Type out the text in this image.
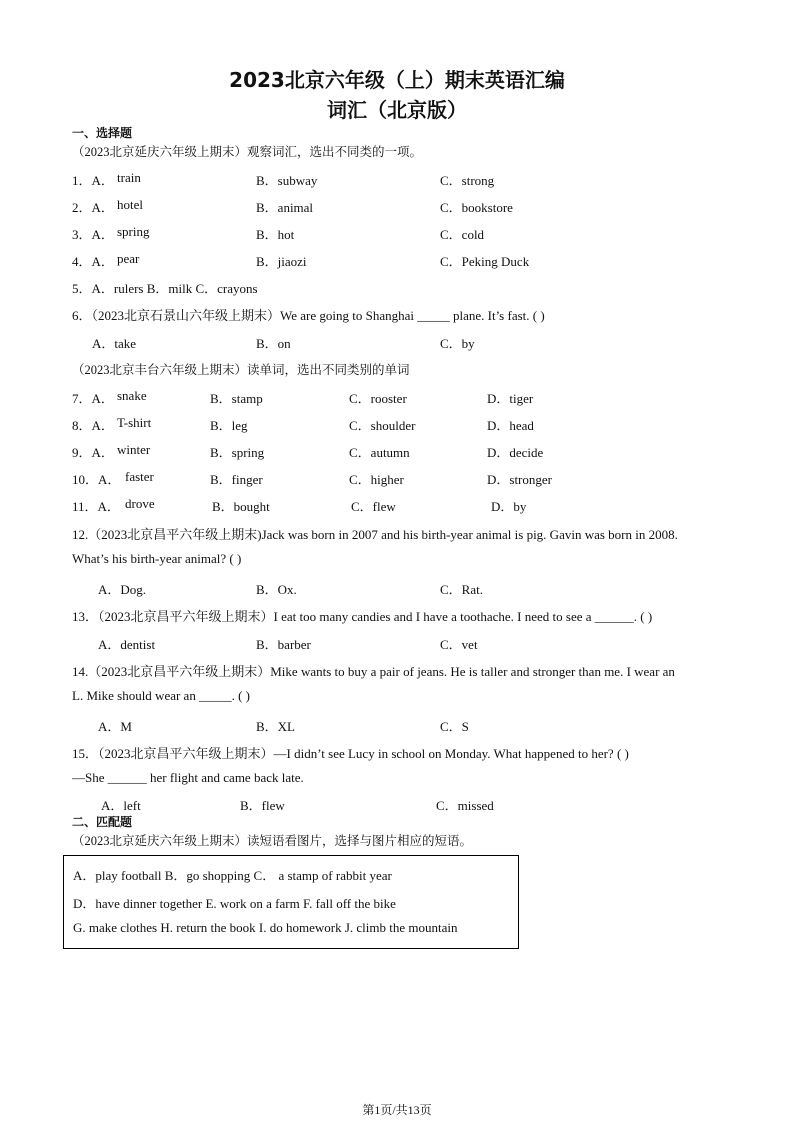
2023北京六年级（上）期末英语汇编
词汇（北京版）
一、选择题
（2023北京延庆六年级上期末）观察词汇，选出不同类的一项。
1．A． train	B．subway	C．strong
2．A． hotel	B．animal	C．bookstore
3．A． spring	B．hot	C．cold
4．A． pear	B．jiaozi	C．Peking Duck
5．A．rulers B．milk C．crayons
6．（2023北京石景山六年级上期末）We are going to Shanghai _____ plane. It’s fast. ( )
A．take	B．on	C．by
（2023北京丰台六年级上期末）读单词，选出不同类别的单词
7．A． snake	B．stamp	C．rooster	D．tiger
8．A． T-shirt	B．leg	C．shoulder	D．head
9．A． winter	B．spring	C．autumn	D．decide
10．A． faster	B．finger	C．higher	D．stronger
11．A． drove	B．bought	C．flew	D．by
12.（2023北京昌平六年级上期末)Jack was born in 2007 and his birth-year animal is pig. Gavin was born in 2008.
What’s his birth-year animal? ( )
A．Dog.	B．Ox.	C．Rat.
13．（2023北京昌平六年级上期末）I eat too many candies and I have a toothache. I need to see a ______. ( )
A．dentist	B．barber	C．vet
14.（2023北京昌平六年级上期末）Mike wants to buy a pair of jeans. He is taller and stronger than me. I wear an
L. Mike should wear an _____. ( )
A．M	B．XL	C．S
15．（2023北京昌平六年级上期末）—I didn’t see Lucy in school on Monday. What happened to her? ( )
—She ______ her flight and came back late.
A．left	B．flew	C．missed
二、匹配题
（2023北京延庆六年级上期末）读短语看图片，选择与图片相应的短语。
A．play football B．go shopping C． a stamp of rabbit year
D．have dinner together E. work on a farm F. fall off the bike
G. make clothes H. return the book I. do homework J. climb the mountain
第1页/共13页
